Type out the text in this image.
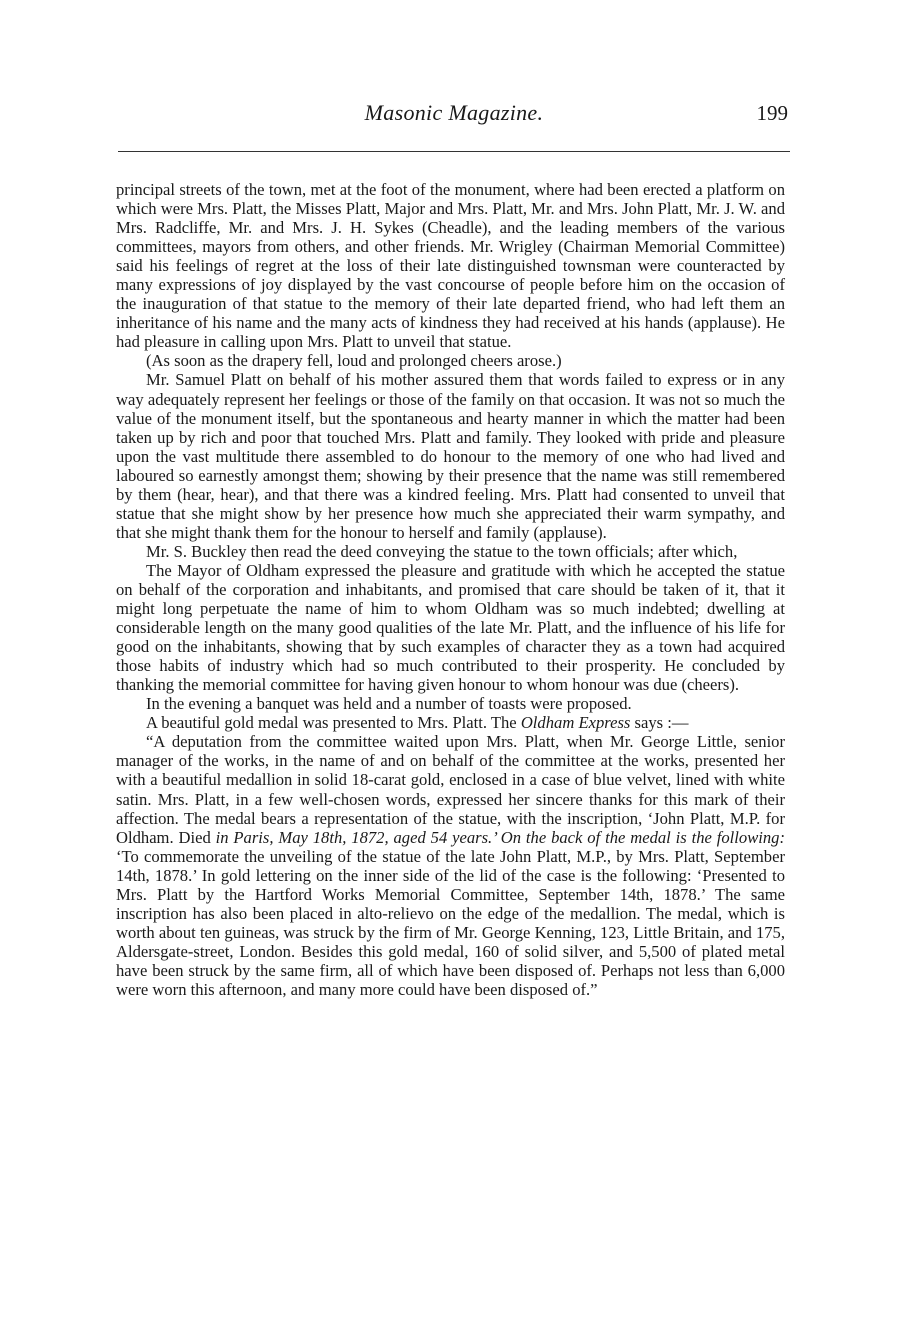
Masonic Magazine.	199

principal streets of the town, met at the foot of the monument, where had been erected a platform on which were Mrs. Platt, the Misses Platt, Major and Mrs. Platt, Mr. and Mrs. John Platt, Mr. J. W. and Mrs. Radcliffe, Mr. and Mrs. J. H. Sykes (Cheadle), and the leading members of the various committees, mayors from others, and other friends. Mr. Wrigley (Chairman Memorial Committee) said his feelings of regret at the loss of their late distinguished townsman were counteracted by many expressions of joy displayed by the vast concourse of people before him on the occasion of the inauguration of that statue to the memory of their late departed friend, who had left them an inheritance of his name and the many acts of kindness they had received at his hands (applause). He had pleasure in calling upon Mrs. Platt to unveil that statue.

(As soon as the drapery fell, loud and prolonged cheers arose.)

Mr. Samuel Platt on behalf of his mother assured them that words failed to express or in any way adequately represent her feelings or those of the family on that occasion. It was not so much the value of the monument itself, but the spontaneous and hearty manner in which the matter had been taken up by rich and poor that touched Mrs. Platt and family. They looked with pride and pleasure upon the vast multitude there assembled to do honour to the memory of one who had lived and laboured so earnestly amongst them; showing by their presence that the name was still remembered by them (hear, hear), and that there was a kindred feeling. Mrs. Platt had consented to unveil that statue that she might show by her presence how much she appreciated their warm sympathy, and that she might thank them for the honour to herself and family (applause).

Mr. S. Buckley then read the deed conveying the statue to the town officials; after which,

The Mayor of Oldham expressed the pleasure and gratitude with which he accepted the statue on behalf of the corporation and inhabitants, and promised that care should be taken of it, that it might long perpetuate the name of him to whom Oldham was so much indebted; dwelling at considerable length on the many good qualities of the late Mr. Platt, and the influence of his life for good on the inhabitants, showing that by such examples of character they as a town had acquired those habits of industry which had so much contributed to their prosperity. He concluded by thanking the memorial committee for having given honour to whom honour was due (cheers).

In the evening a banquet was held and a number of toasts were proposed.

A beautiful gold medal was presented to Mrs. Platt. The Oldham Express says :—

“A deputation from the committee waited upon Mrs. Platt, when Mr. George Little, senior manager of the works, in the name of and on behalf of the committee at the works, presented her with a beautiful medallion in solid 18-carat gold, enclosed in a case of blue velvet, lined with white satin. Mrs. Platt, in a few well-chosen words, expressed her sincere thanks for this mark of their affection. The medal bears a representation of the statue, with the inscription, ‘John Platt, M.P. for Oldham. Died in Paris, May 18th, 1872, aged 54 years.’ On the back of the medal is the following: ‘To commemorate the unveiling of the statue of the late John Platt, M.P., by Mrs. Platt, September 14th, 1878.’ In gold lettering on the inner side of the lid of the case is the following: ‘Presented to Mrs. Platt by the Hartford Works Memorial Committee, September 14th, 1878.’ The same inscription has also been placed in alto-relievo on the edge of the medallion. The medal, which is worth about ten guineas, was struck by the firm of Mr. George Kenning, 123, Little Britain, and 175, Aldersgate-street, London. Besides this gold medal, 160 of solid silver, and 5,500 of plated metal have been struck by the same firm, all of which have been disposed of. Perhaps not less than 6,000 were worn this afternoon, and many more could have been disposed of.”
